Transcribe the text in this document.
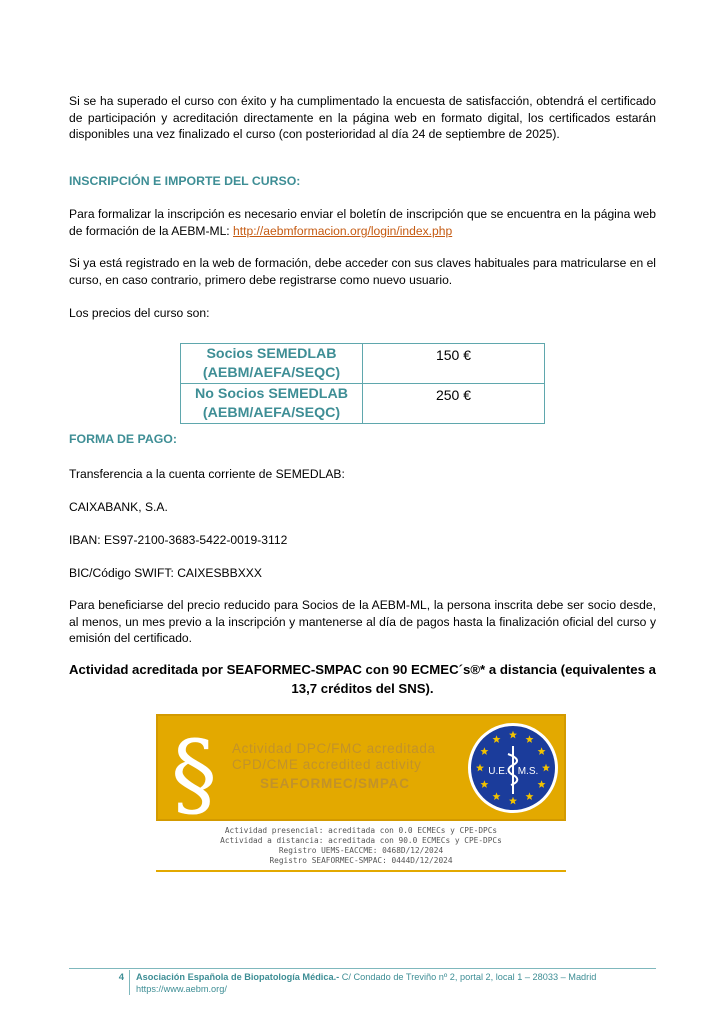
Si se ha superado el curso con éxito y ha cumplimentado la encuesta de satisfacción, obtendrá el certificado de participación y acreditación directamente en la página web en formato digital, los certificados estarán disponibles una vez finalizado el curso (con posterioridad al día 24 de septiembre de 2025).

INSCRIPCIÓN E IMPORTE DEL CURSO:

Para formalizar la inscripción es necesario enviar el boletín de inscripción que se encuentra en la página web de formación de la AEBM-ML: http://aebmformacion.org/login/index.php

Si ya está registrado en la web de formación, debe acceder con sus claves habituales para matricularse en el curso, en caso contrario, primero debe registrarse como nuevo usuario.

Los precios del curso son:

Socios SEMEDLAB
(AEBM/AEFA/SEQC)	150 €
No Socios SEMEDLAB
(AEBM/AEFA/SEQC)	250 €
FORMA DE PAGO:

Transferencia a la cuenta corriente de SEMEDLAB:

CAIXABANK, S.A.

IBAN: ES97-2100-3683-5422-0019-3112

BIC/Código SWIFT: CAIXESBBXXX

Para beneficiarse del precio reducido para Socios de la AEBM-ML, la persona inscrita debe ser socio desde, al menos, un mes previo a la inscripción y mantenerse al día de pagos hasta la finalización oficial del curso y emisión del certificado.

Actividad acreditada por SEAFORMEC-SMPAC con 90 ECMEC´s®* a distancia (equivalentes a
13,7 créditos del SNS).
§ Actividad DPC/FMC acreditada
CPD/CME accredited activity
SEAFORMEC/SMPAC
U.E. M.S.
Actividad presencial: acreditada con 0.0 ECMECs y CPE-DPCs
Actividad a distancia: acreditada con 90.0 ECMECs y CPE-DPCs
Registro UEMS-EACCME: 0468D/12/2024
Registro SEAFORMEC-SMPAC: 0444D/12/2024
4 Asociación Española de Biopatología Médica.- C/ Condado de Treviño nº 2, portal 2, local 1 – 28033 – Madrid
https://www.aebm.org/
